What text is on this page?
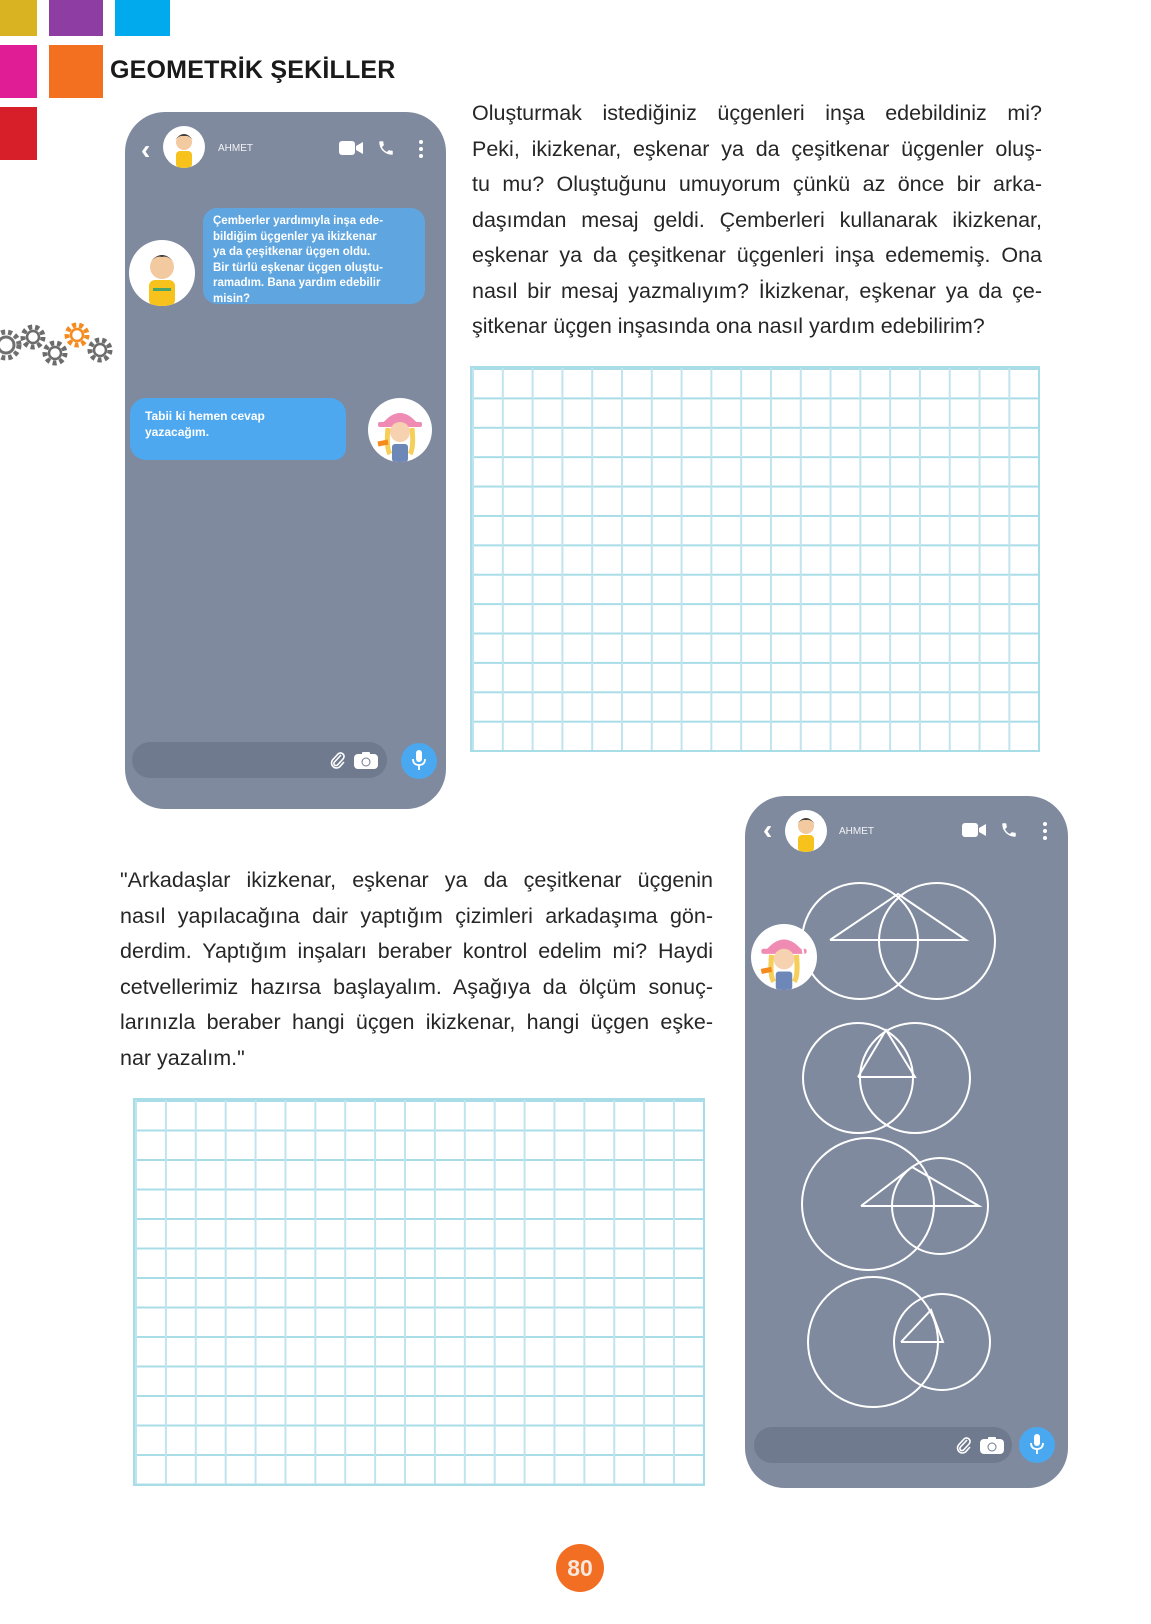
GEOMETRİK ŞEKİLLER
‹	AHMET
Çemberler yardımıyla inşa ede-
bildiğim üçgenler ya ikizkenar
ya da çeşitkenar üçgen oldu.
Bir türlü eşkenar üçgen oluştu-
ramadım. Bana yardım edebilir
misin?
Tabii ki hemen cevap
yazacağım.
Oluşturmak istediğiniz üçgenleri inşa edebildiniz mi?
Peki, ikizkenar, eşkenar ya da çeşitkenar üçgenler oluş-
tu mu? Oluştuğunu umuyorum çünkü az önce bir arka-
daşımdan mesaj geldi. Çemberleri kullanarak ikizkenar,
eşkenar ya da çeşitkenar üçgenleri inşa edememiş. Ona
nasıl bir mesaj yazmalıyım? İkizkenar, eşkenar ya da çe-
şitkenar üçgen inşasında ona nasıl yardım edebilirim?
"Arkadaşlar ikizkenar, eşkenar ya da çeşitkenar üçgenin
nasıl yapılacağına dair yaptığım çizimleri arkadaşıma gön-
derdim. Yaptığım inşaları beraber kontrol edelim mi? Haydi
cetvellerimiz hazırsa başlayalım. Aşağıya da ölçüm sonuç-
larınızla beraber hangi üçgen ikizkenar, hangi üçgen eşke-
nar yazalım."
‹	AHMET
80
